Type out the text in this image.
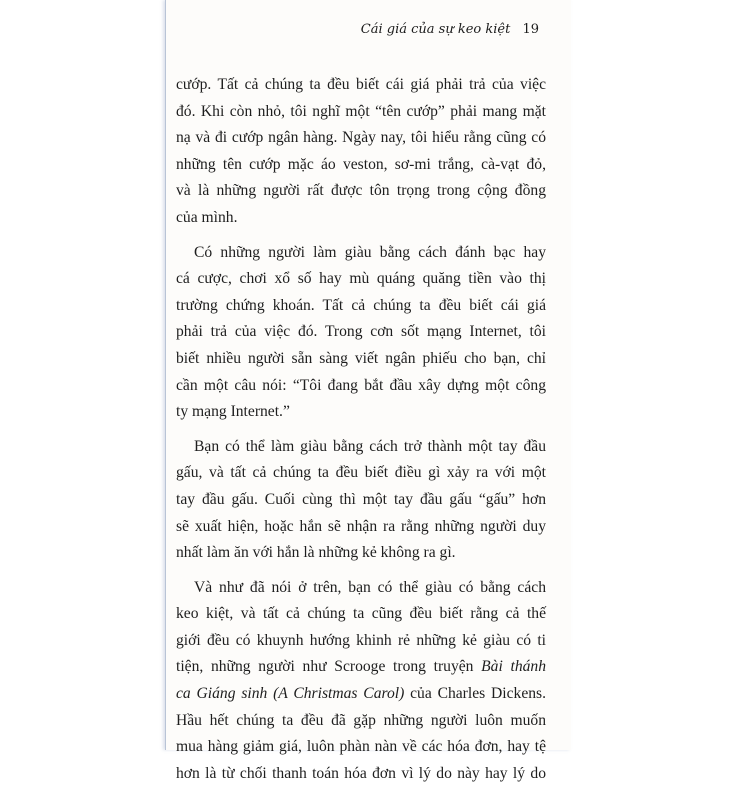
Cái giá của sự keo kiệt 19
cướp. Tất cả chúng ta đều biết cái giá phải trả của việc
đó. Khi còn nhỏ, tôi nghĩ một “tên cướp” phải mang mặt
nạ và đi cướp ngân hàng. Ngày nay, tôi hiểu rằng cũng có
những tên cướp mặc áo veston, sơ-mi trắng, cà-vạt đỏ,
và là những người rất được tôn trọng trong cộng đồng
của mình.
Có những người làm giàu bằng cách đánh bạc hay
cá cược, chơi xổ số hay mù quáng quăng tiền vào thị
trường chứng khoán. Tất cả chúng ta đều biết cái giá
phải trả của việc đó. Trong cơn sốt mạng Internet, tôi
biết nhiều người sẵn sàng viết ngân phiếu cho bạn, chỉ
cần một câu nói: “Tôi đang bắt đầu xây dựng một công
ty mạng Internet.”
Bạn có thể làm giàu bằng cách trở thành một tay đầu
gấu, và tất cả chúng ta đều biết điều gì xảy ra với một
tay đầu gấu. Cuối cùng thì một tay đầu gấu “gấu” hơn
sẽ xuất hiện, hoặc hắn sẽ nhận ra rằng những người duy
nhất làm ăn với hắn là những kẻ không ra gì.
Và như đã nói ở trên, bạn có thể giàu có bằng cách
keo kiệt, và tất cả chúng ta cũng đều biết rằng cả thế
giới đều có khuynh hướng khinh rẻ những kẻ giàu có ti
tiện, những người như Scrooge trong truyện Bài thánh
ca Giáng sinh (A Christmas Carol) của Charles Dickens.
Hầu hết chúng ta đều đã gặp những người luôn muốn
mua hàng giảm giá, luôn phàn nàn về các hóa đơn, hay tệ
hơn là từ chối thanh toán hóa đơn vì lý do này hay lý do
